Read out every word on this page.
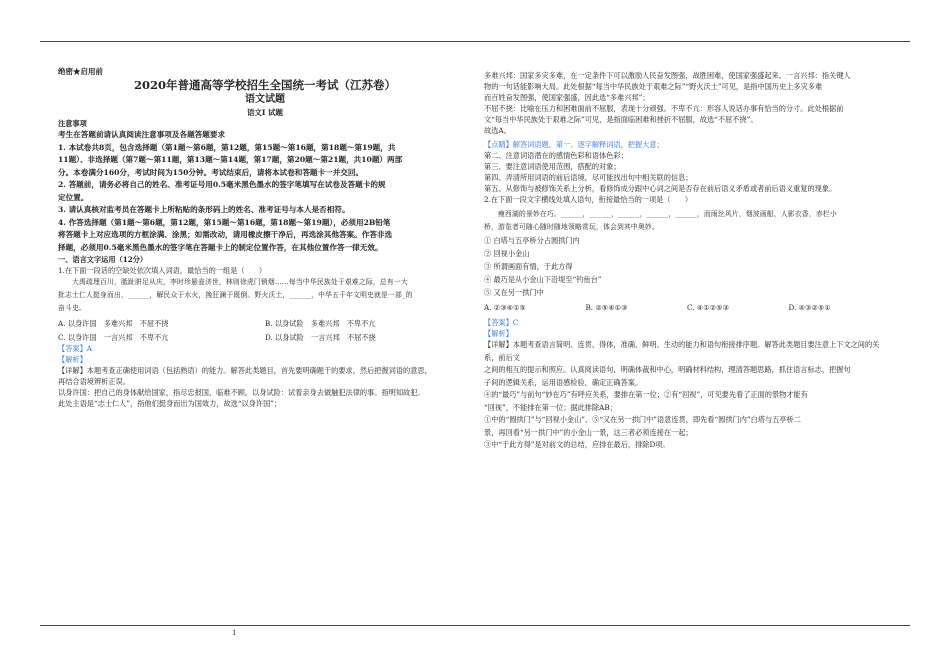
绝密★启用前

2020年普通高等学校招生全国统一考试（江苏卷）

语文试题

语文Ⅰ 试题

注意事项

考生在答题前请认真阅读注意事项及各题答题要求
1. 本试卷共8页，包含选择题（第1题～第6题，第12题，第15题～第16题，第18题～第19题，共
11题）、非选择题（第7题～第11题，第13题～第14题，第17题，第20题～第21题，共10题）两部
分。本卷满分160分，考试时间为150分钟。考试结束后，请将本试卷和答题卡一并交回。
2. 答题前，请务必将自己的姓名、准考证号用0.5毫米黑色墨水的签字笔填写在试卷及答题卡的规
定位置。
3. 请认真核对监考员在答题卡上所粘贴的条形码上的姓名、准考证号与本人是否相符。
4. 作答选择题（第1题～第6题，第12题，第15题～第16题，第18题～第19题），必须用2B铅笔
将答题卡上对应选项的方框涂满、涂黑；如需改动，请用橡皮擦干净后，再选涂其他答案。作答非选
择题，必须用0.5毫米黑色墨水的签字笔在答题卡上的制定位置作答，在其他位置作答一律无效。

一、语言文字运用（12分）

1.在下面一段话的空缺处依次填入词语，最恰当的一组是（　　）

大禹疏理百川，胝趾胼足从庆，李时珍悬壶济世，林则徐虎门销烟……每当中华民族处于艰难之际，总有一大
批志士仁人挺身而出，______，解民众于水火，挽狂澜于既倒。野火沃土，______，中华五千年文明史就是一部_的
奋斗史。
A. 以身许国　多难兴邦　不屈不挠	B. 以身试险　多难兴邦　不卑不亢
C. 以身许国　一言兴邦　不卑不亢	D. 以身试险　一言兴邦　不屈不挠

【答案】A

【解析】

【详解】本题考查正确使用词语（包括熟语）的能力。解答此类题目，首先要明确题干的要求，然后把握词语的意思，
再结合语境辨析正误。
以身许国：把自己的身体献给国家，指尽忠报国，临难不顾。以身试险：试着亲身去做触犯法律的事。指明知故犯。
此处主语是“志士仁人”，指他们挺身而出为国效力，故选“以身许国”；
多难兴邦：国家多灾多难，在一定条件下可以激励人民奋发图强，战胜困难，使国家强盛起来。一言兴邦：指关键人
物的一句话能影响大局。此处根据“每当中华民族处于艰难之际”“野火沃土”可见，是指中国历史上多灾多难
而百姓奋发图强，使国家强盛，因此选“多难兴邦”；
不屈不挠：比喻在压力和困难面前不屈服，表现十分顽强。不卑不亢：形容人说话办事有恰当的分寸。此处根据前
文“每当中华民族处于艰难之际”可见，是指面临困难和挫折不屈服，故选“不屈不挠”。
故选A。
【点睛】解答词语题，第一、逐字解释词语，把握大意；
第二、注意词语潜在的感情色彩和语体色彩；
第三、要注意词语使用范围，搭配的对象；
第四、弄清所用词语的前后语境，尽可能找出句中相关联的信息；
第五、从修饰与被修饰关系上分析，看修饰成分跟中心词之间是否存在前后语义矛盾或者前后语义重复的现象。

2.在下面一段文字横线处填入语句，衔接最恰当的一项是（　　）

瘦西湖的景妙在巧。______，______，______，______，______，而雨丝风片，烟波画船，人影衣香，赤栏小
桥，游览者可随心随时随地领略赏玩，体会到其中奥妙。
① 白塔与五亭桥分占圆拱门内
② 回视小金山
③ 所谓画面有情，于此方得
④ 最巧是从小金山下沿堤至“钓鱼台”
⑤ 又在另一拱门中
A. ②③④①⑤	B. ②⑤④①③	C. ④①②⑤③	D. ④③②⑤①

【答案】C

【解析】

【详解】本题考查语言简明、连贯、得体，准确、鲜明、生动的能力和语句衔接排序题。解答此类题目要注意上下文之间的关系，前后文
之间的相互的提示和照应。认真阅读语句，明确体裁和中心，明确材料结构，理清答题思路，抓住语言标志，把握句
子间的逻辑关系，运用语感检验，确定正确答案。
④的“最巧”与前句“妙在巧”有呼应关系，要排在第一位；②有“回视”，可见要先看了正面的景物才能有
“回视”，不能排在第一位；据此排除AB；
①中的“圆拱门”与“回视小金山”、⑤“又在另一拱门中”语意连贯，即先看“圆拱门内”白塔与五亭桥二
景，再回看“另一拱门中”的小金山一景，这三者必须连接在一起；
③中“于此方得”是对前文的总结，应排在最后，排除D项。
1
